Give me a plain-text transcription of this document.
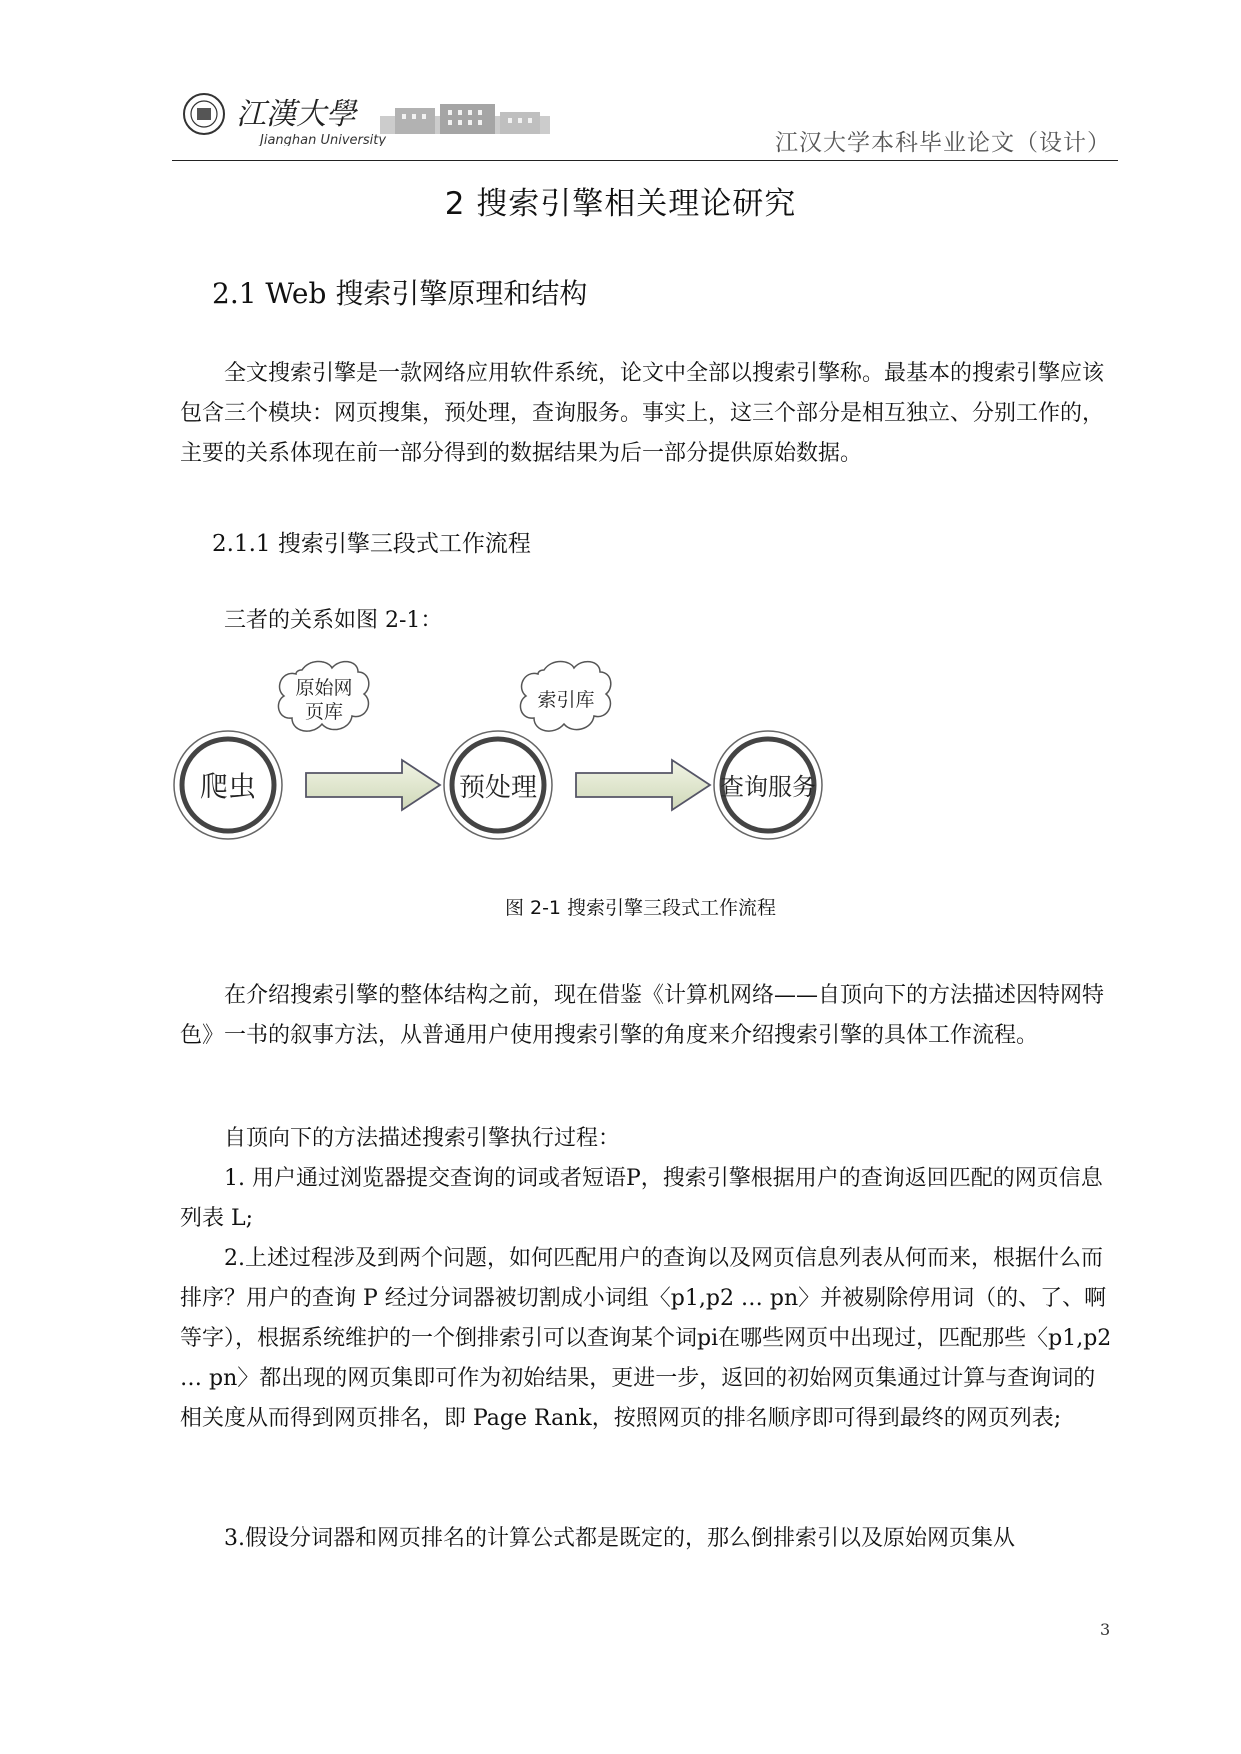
江漢大學
Jianghan University	江汉大学本科毕业论文（设计）
2 搜索引擎相关理论研究
2.1 Web 搜索引擎原理和结构

全文搜索引擎是一款网络应用软件系统，论文中全部以搜索引擎称。最基本的搜索引擎应该包含三个模块：网页搜集，预处理，查询服务。事实上，这三个部分是相互独立、分别工作的，主要的关系体现在前一部分得到的数据结果为后一部分提供原始数据。

2.1.1 搜索引擎三段式工作流程

三者的关系如图 2-1：

爬虫	预处理	查询服务
原始网
页库
索引库
图 2-1 搜索引擎三段式工作流程

在介绍搜索引擎的整体结构之前，现在借鉴《计算机网络——自顶向下的方法描述因特网特色》一书的叙事方法，从普通用户使用搜索引擎的角度来介绍搜索引擎的具体工作流程。

自顶向下的方法描述搜索引擎执行过程：

1. 用户通过浏览器提交查询的词或者短语P，搜索引擎根据用户的查询返回匹配的网页信息列表 L;

2.上述过程涉及到两个问题，如何匹配用户的查询以及网页信息列表从何而来，根据什么而排序？用户的查询 P 经过分词器被切割成小词组〈p1,p2 … pn〉并被剔除停用词（的、了、啊等字），根据系统维护的一个倒排索引可以查询某个词pi在哪些网页中出现过，匹配那些〈p1,p2 … pn〉都出现的网页集即可作为初始结果，更进一步，返回的初始网页集通过计算与查询词的相关度从而得到网页排名，即 Page Rank，按照网页的排名顺序即可得到最终的网页列表;

3.假设分词器和网页排名的计算公式都是既定的，那么倒排索引以及原始网页集从

3
